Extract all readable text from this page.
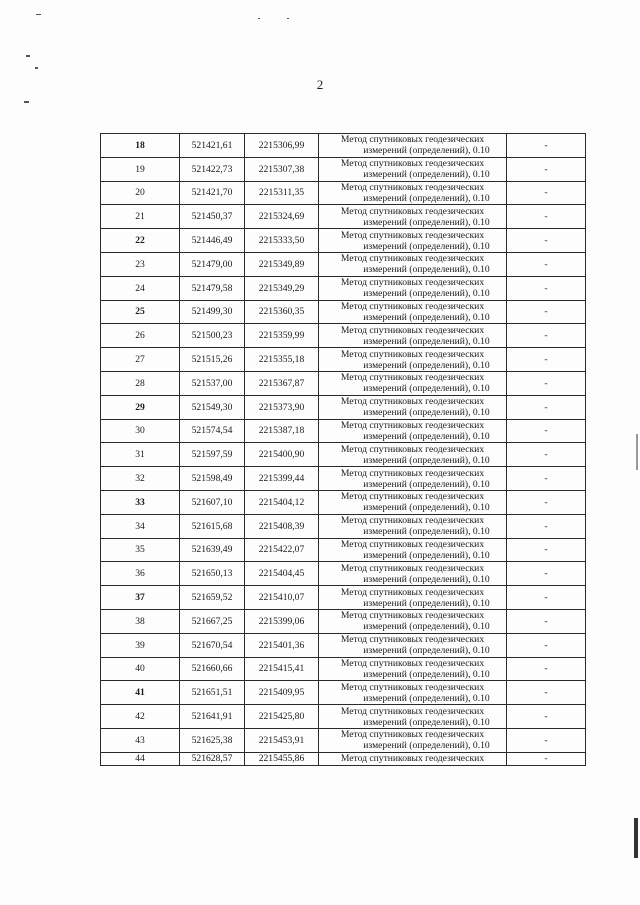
2
18	521421,61	2215306,99	Метод спутниковых геодезических
измерений (определений), 0.10	-
19	521422,73	2215307,38	Метод спутниковых геодезических
измерений (определений), 0.10	-
20	521421,70	2215311,35	Метод спутниковых геодезических
измерений (определений), 0.10	-
21	521450,37	2215324,69	Метод спутниковых геодезических
измерений (определений), 0.10	-
22	521446,49	2215333,50	Метод спутниковых геодезических
измерений (определений), 0.10	-
23	521479,00	2215349,89	Метод спутниковых геодезических
измерений (определений), 0.10	-
24	521479,58	2215349,29	Метод спутниковых геодезических
измерений (определений), 0.10	-
25	521499,30	2215360,35	Метод спутниковых геодезических
измерений (определений), 0.10	-
26	521500,23	2215359,99	Метод спутниковых геодезических
измерений (определений), 0.10	-
27	521515,26	2215355,18	Метод спутниковых геодезических
измерений (определений), 0.10	-
28	521537,00	2215367,87	Метод спутниковых геодезических
измерений (определений), 0.10	-
29	521549,30	2215373,90	Метод спутниковых геодезических
измерений (определений), 0.10	-
30	521574,54	2215387,18	Метод спутниковых геодезических
измерений (определений), 0.10	-
31	521597,59	2215400,90	Метод спутниковых геодезических
измерений (определений), 0.10	-
32	521598,49	2215399,44	Метод спутниковых геодезических
измерений (определений), 0.10	-
33	521607,10	2215404,12	Метод спутниковых геодезических
измерений (определений), 0.10	-
34	521615,68	2215408,39	Метод спутниковых геодезических
измерений (определений), 0.10	-
35	521639,49	2215422,07	Метод спутниковых геодезических
измерений (определений), 0.10	-
36	521650,13	2215404,45	Метод спутниковых геодезических
измерений (определений), 0.10	-
37	521659,52	2215410,07	Метод спутниковых геодезических
измерений (определений), 0.10	-
38	521667,25	2215399,06	Метод спутниковых геодезических
измерений (определений), 0.10	-
39	521670,54	2215401,36	Метод спутниковых геодезических
измерений (определений), 0.10	-
40	521660,66	2215415,41	Метод спутниковых геодезических
измерений (определений), 0.10	-
41	521651,51	2215409,95	Метод спутниковых геодезических
измерений (определений), 0.10	-
42	521641,91	2215425,80	Метод спутниковых геодезических
измерений (определений), 0.10	-
43	521625,38	2215453,91	Метод спутниковых геодезических
измерений (определений), 0.10	-
44	521628,57	2215455,86	Метод спутниковых геодезических	-
